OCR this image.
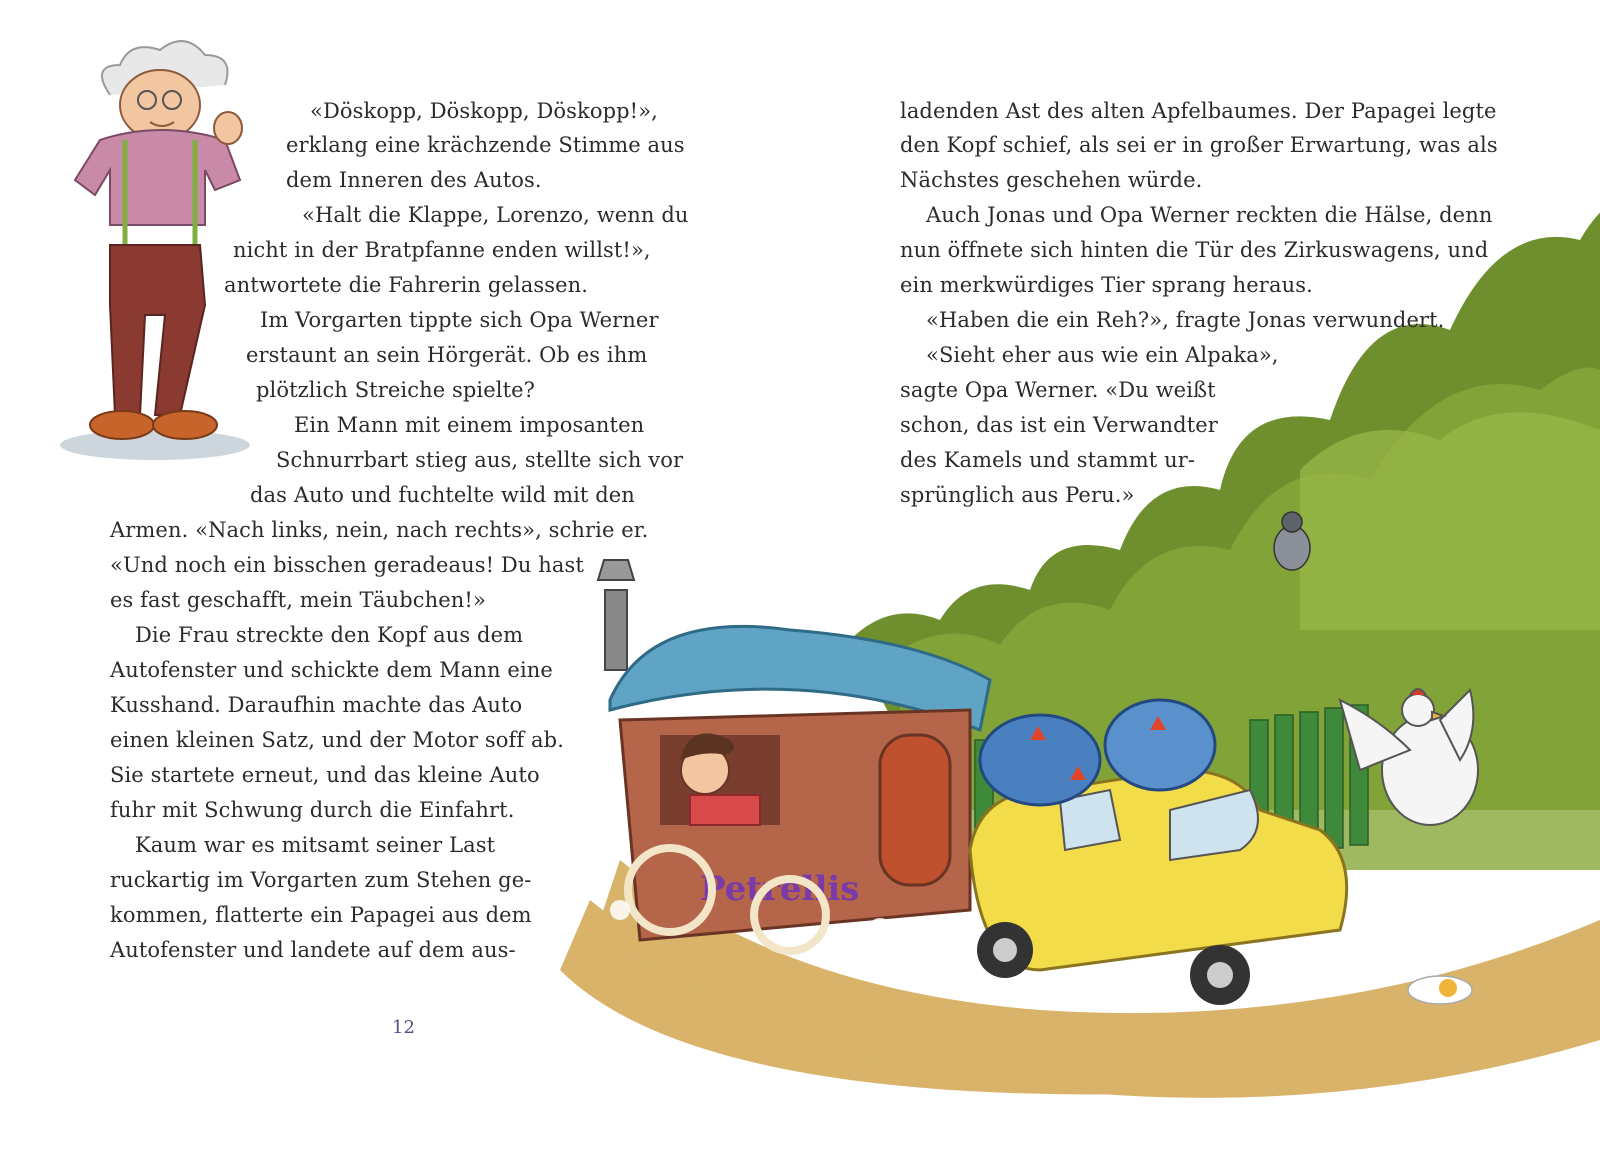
Petrellis
«Döskopp, Döskopp, Döskopp!»,
erklang eine krächzende Stimme aus
dem Inneren des Autos.
«Halt die Klappe, Lorenzo, wenn du
nicht in der Bratpfanne enden willst!»,
antwortete die Fahrerin gelassen.
Im Vorgarten tippte sich Opa Werner
erstaunt an sein Hörgerät. Ob es ihm
plötzlich Streiche spielte?
Ein Mann mit einem imposanten
Schnurrbart stieg aus, stellte sich vor
das Auto und fuchtelte wild mit den
Armen. «Nach links, nein, nach rechts», schrie er.
«Und noch ein bisschen geradeaus! Du hast
es fast geschafft, mein Täubchen!»
Die Frau streckte den Kopf aus dem
Autofenster und schickte dem Mann eine
Kusshand. Daraufhin machte das Auto
einen kleinen Satz, und der Motor soff ab.
Sie startete erneut, und das kleine Auto
fuhr mit Schwung durch die Einfahrt.
Kaum war es mitsamt seiner Last
ruckartig im Vorgarten zum Stehen ge-
kommen, flatterte ein Papagei aus dem
Autofenster und landete auf dem aus-
ladenden Ast des alten Apfelbaumes. Der Papagei legte
den Kopf schief, als sei er in großer Erwartung, was als
Nächstes geschehen würde.
Auch Jonas und Opa Werner reckten die Hälse, denn
nun öffnete sich hinten die Tür des Zirkuswagens, und
ein merkwürdiges Tier sprang heraus.
«Haben die ein Reh?», fragte Jonas verwundert.
«Sieht eher aus wie ein Alpaka»,
sagte Opa Werner. «Du weißt
schon, das ist ein Verwandter
des Kamels und stammt ur-
sprünglich aus Peru.»
12
